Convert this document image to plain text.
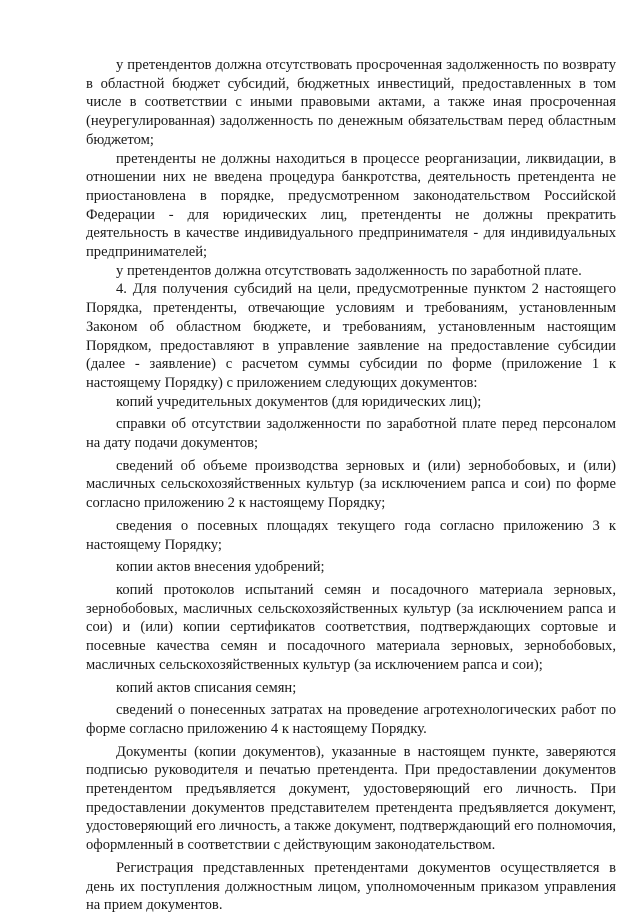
у претендентов должна отсутствовать просроченная задолженность по возврату в областной бюджет субсидий, бюджетных инвестиций, предоставленных в том числе в соответствии с иными правовыми актами, а также иная просроченная (неурегулированная) задолженность по денежным обязательствам перед областным бюджетом;

претенденты не должны находиться в процессе реорганизации, ликвидации, в отношении них не введена процедура банкротства, деятельность претендента не приостановлена в порядке, предусмотренном законодательством Российской Федерации - для юридических лиц, претенденты не должны прекратить деятельность в качестве индивидуального предпринимателя - для индивидуальных предпринимателей;

у претендентов должна отсутствовать задолженность по заработной плате.

4. Для получения субсидий на цели, предусмотренные пунктом 2 настоящего Порядка, претенденты, отвечающие условиям и требованиям, установленным Законом об областном бюджете, и требованиям, установленным настоящим Порядком, предоставляют в управление заявление на предоставление субсидии (далее - заявление) с расчетом суммы субсидии по форме (приложение 1 к настоящему Порядку) с приложением следующих документов:

копий учредительных документов (для юридических лиц);

справки об отсутствии задолженности по заработной плате перед персоналом на дату подачи документов;

сведений об объеме производства зерновых и (или) зернобобовых, и (или) масличных сельскохозяйственных культур (за исключением рапса и сои) по форме согласно приложению 2 к настоящему Порядку;

сведения о посевных площадях текущего года согласно приложению 3 к настоящему Порядку;

копии актов внесения удобрений;

копий протоколов испытаний семян и посадочного материала зерновых, зернобобовых, масличных сельскохозяйственных культур (за исключением рапса и сои) и (или) копии сертификатов соответствия, подтверждающих сортовые и посевные качества семян и посадочного материала зерновых, зернобобовых, масличных сельскохозяйственных культур (за исключением рапса и сои);

копий актов списания семян;

сведений о понесенных затратах на проведение агротехнологических работ по форме согласно приложению 4 к настоящему Порядку.

Документы (копии документов), указанные в настоящем пункте, заверяются подписью руководителя и печатью претендента. При предоставлении документов претендентом предъявляется документ, удостоверяющий его личность. При предоставлении документов представителем претендента предъявляется документ, удостоверяющий его личность, а также документ, подтверждающий его полномочия, оформленный в соответствии с действующим законодательством.

Регистрация представленных претендентами документов осуществляется в день их поступления должностным лицом, уполномоченным приказом управления на прием документов.
